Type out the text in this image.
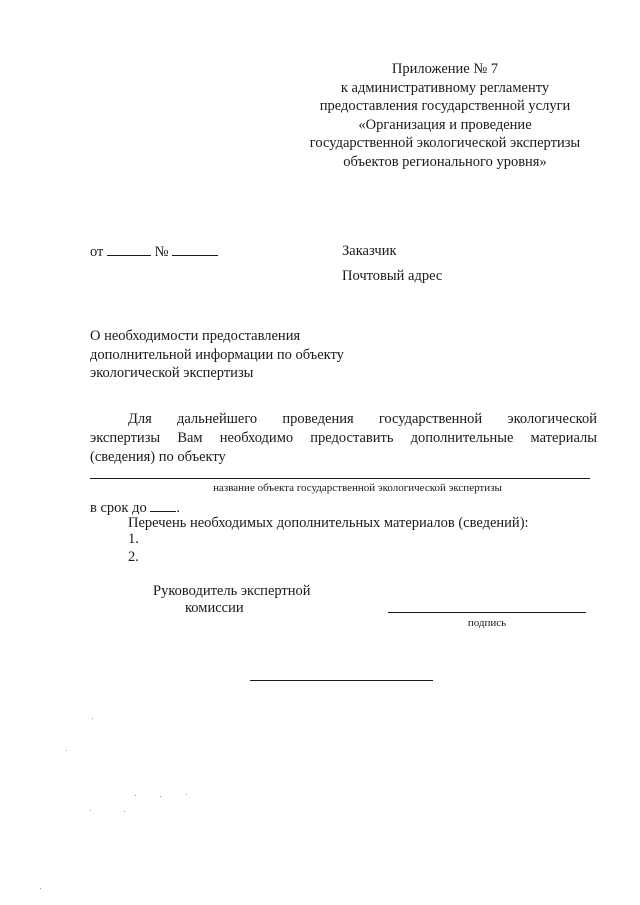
Приложение № 7
к административному регламенту
предоставления государственной услуги
«Организация и проведение
государственной экологической экспертизы
объектов регионального уровня»
от	№	Заказчик
Почтовый адрес
О необходимости предоставления
дополнительной информации по объекту
экологической экспертизы
Для дальнейшего проведения государственной экологической
экспертизы Вам необходимо предоставить дополнительные материалы
(сведения) по объекту
название объекта государственной экологической экспертизы
в срок до .
Перечень необходимых дополнительных материалов (сведений):
1.
2.
Руководитель экспертной
комиссии
подпись
